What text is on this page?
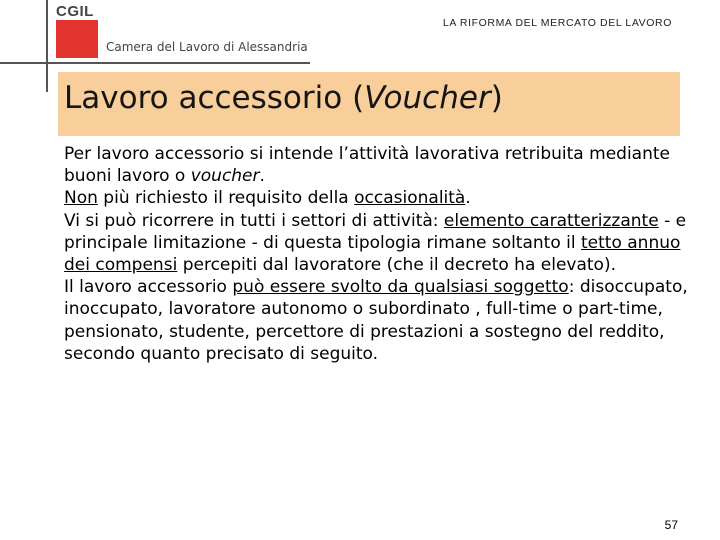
CGIL
Camera del Lavoro di Alessandria
LA RIFORMA DEL MERCATO DEL LAVORO
Lavoro accessorio (Voucher)

Per lavoro accessorio si intende l’attività lavorativa retribuita mediante buoni lavoro o voucher.

Non più richiesto il requisito della occasionalità.

Vi si può ricorrere in tutti i settori di attività: elemento caratterizzante - e principale limitazione - di questa tipologia rimane soltanto il tetto annuo dei compensi percepiti dal lavoratore (che il decreto ha elevato).

Il lavoro accessorio può essere svolto da qualsiasi soggetto: disoccupato, inoccupato, lavoratore autonomo o subordinato , full-time o part-time, pensionato, studente, percettore di prestazioni a sostegno del reddito, secondo quanto precisato di seguito.

57
